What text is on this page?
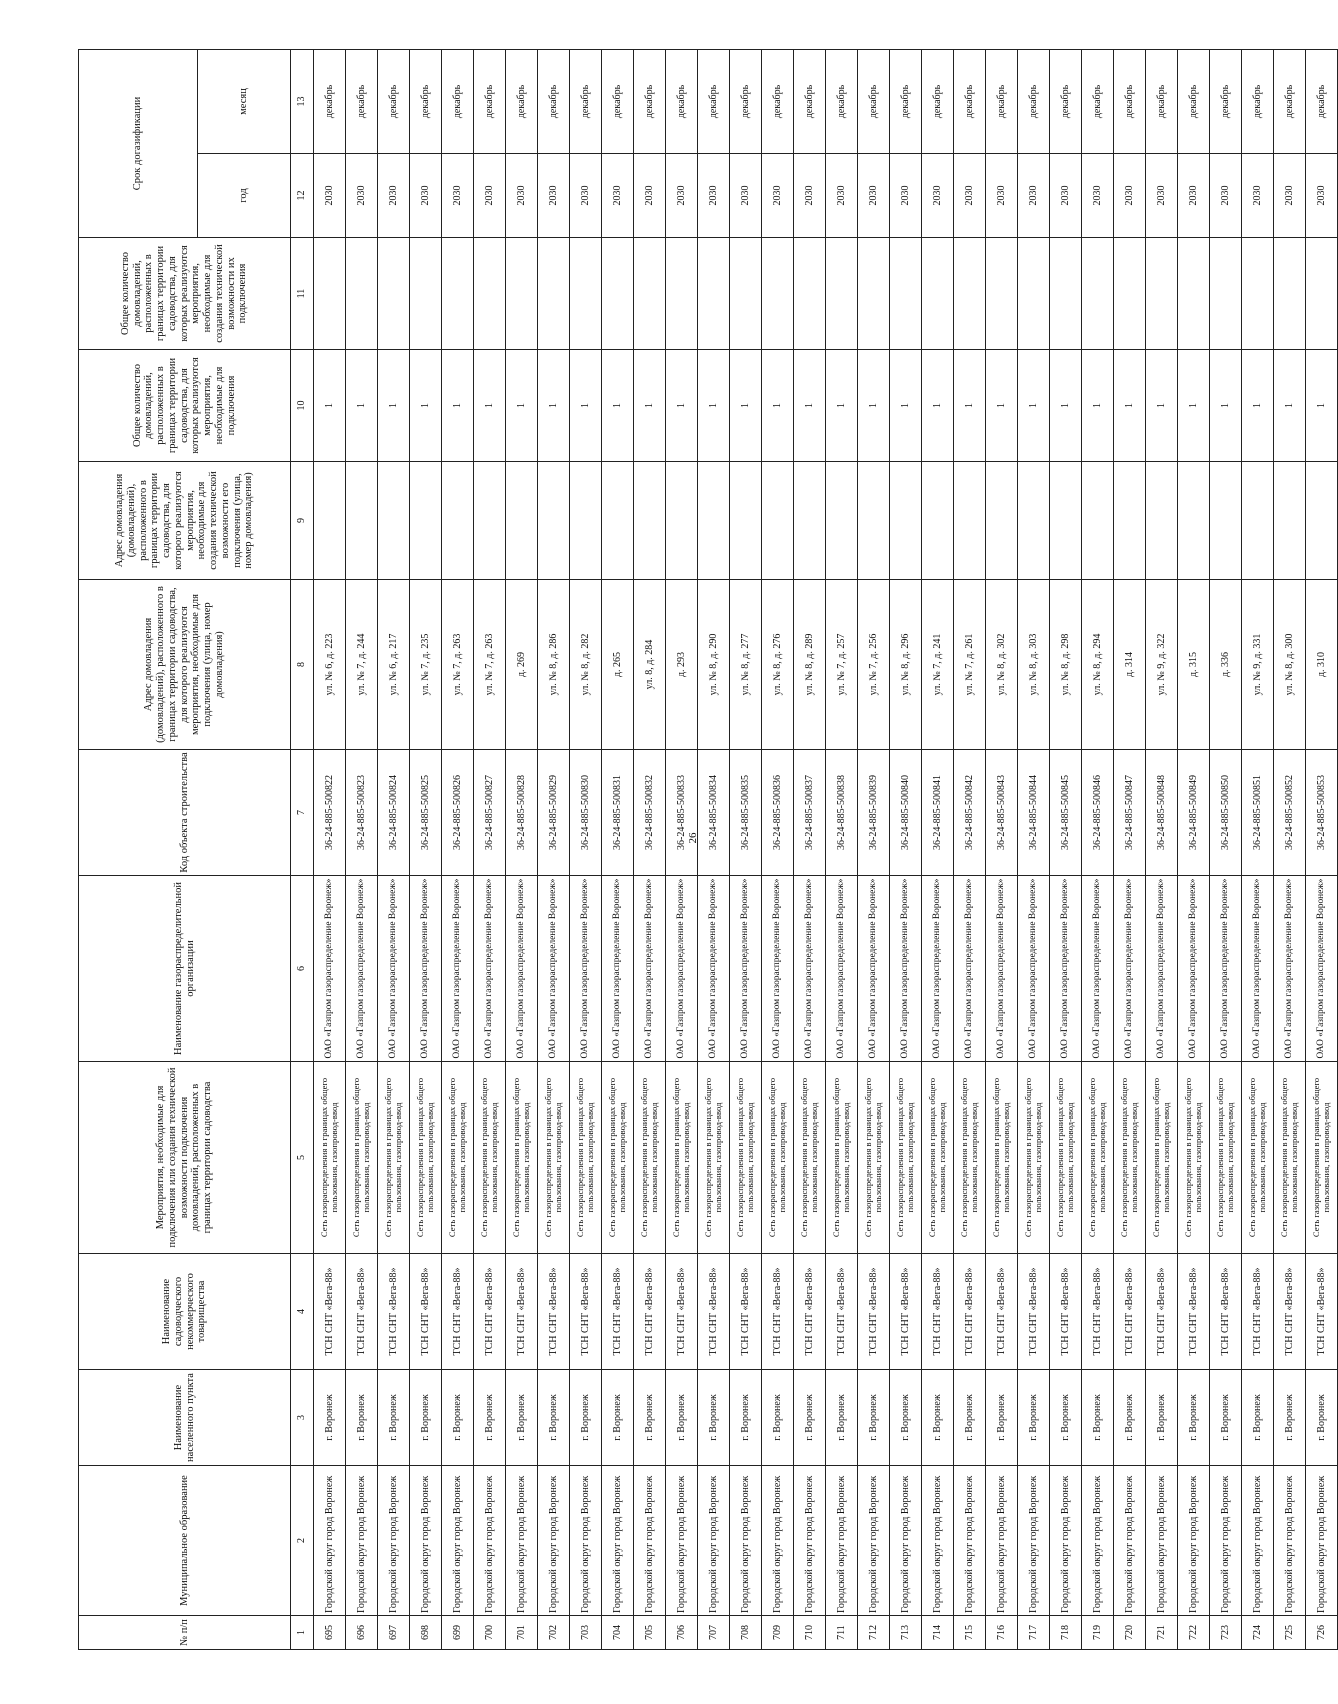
26
№ п/п	Муниципальное образование	Наименование населенного пункта	Наименование садоводческого некоммерческого товарищества	Мероприятия, необходимые для подключения или создания технической возможности подключения домовладений, расположенных в границах территории садоводства	Наименование газораспределительной организации	Код объекта строительства	Адрес домовладения (домовладений), расположенного в границах территории садоводства, для которого реализуются мероприятия, необходимые для подключения (улица, номер домовладения)	Адрес домовладения (домовладений), расположенного в границах территории садоводства, для которого реализуются мероприятия, необходимые для создания технической возможности его подключения (улица, номер домовладения)	Общее количество домовладений, расположенных в границах территории садоводства, для которых реализуются мероприятия, необходимые для подключения	Общее количество домовладений, расположенных в границах территории садоводства, для которых реализуются мероприятия, необходимые для создания технической возможности их подключения	Срок догазификации	
											год	месяц
1	2	3	4	5	6	7	8	9	10	11	12	13
695	Городской округ город Воронеж	г. Воронеж	ТСН СНТ «Вега-88»	Сеть газораспределения в границах общего пользования, газопровод-ввод	ОАО «Газпром газораспределение Воронеж»	36-24-885-500822	ул. № 6, д. 223		1		2030	декабрь
696	Городской округ город Воронеж	г. Воронеж	ТСН СНТ «Вега-88»	Сеть газораспределения в границах общего пользования, газопровод-ввод	ОАО «Газпром газораспределение Воронеж»	36-24-885-500823	ул. № 7, д. 244		1		2030	декабрь
697	Городской округ город Воронеж	г. Воронеж	ТСН СНТ «Вега-88»	Сеть газораспределения в границах общего пользования, газопровод-ввод	ОАО «Газпром газораспределение Воронеж»	36-24-885-500824	ул. № 6, д. 217		1		2030	декабрь
698	Городской округ город Воронеж	г. Воронеж	ТСН СНТ «Вега-88»	Сеть газораспределения в границах общего пользования, газопровод-ввод	ОАО «Газпром газораспределение Воронеж»	36-24-885-500825	ул. № 7, д. 235		1		2030	декабрь
699	Городской округ город Воронеж	г. Воронеж	ТСН СНТ «Вега-88»	Сеть газораспределения в границах общего пользования, газопровод-ввод	ОАО «Газпром газораспределение Воронеж»	36-24-885-500826	ул. № 7, д. 263		1		2030	декабрь
700	Городской округ город Воронеж	г. Воронеж	ТСН СНТ «Вега-88»	Сеть газораспределения в границах общего пользования, газопровод-ввод	ОАО «Газпром газораспределение Воронеж»	36-24-885-500827	ул. № 7, д. 263		1		2030	декабрь
701	Городской округ город Воронеж	г. Воронеж	ТСН СНТ «Вега-88»	Сеть газораспределения в границах общего пользования, газопровод-ввод	ОАО «Газпром газораспределение Воронеж»	36-24-885-500828	д. 269		1		2030	декабрь
702	Городской округ город Воронеж	г. Воронеж	ТСН СНТ «Вега-88»	Сеть газораспределения в границах общего пользования, газопровод-ввод	ОАО «Газпром газораспределение Воронеж»	36-24-885-500829	ул. № 8, д. 286		1		2030	декабрь
703	Городской округ город Воронеж	г. Воронеж	ТСН СНТ «Вега-88»	Сеть газораспределения в границах общего пользования, газопровод-ввод	ОАО «Газпром газораспределение Воронеж»	36-24-885-500830	ул. № 8, д. 282		1		2030	декабрь
704	Городской округ город Воронеж	г. Воронеж	ТСН СНТ «Вега-88»	Сеть газораспределения в границах общего пользования, газопровод-ввод	ОАО «Газпром газораспределение Воронеж»	36-24-885-500831	д. 265		1		2030	декабрь
705	Городской округ город Воронеж	г. Воронеж	ТСН СНТ «Вега-88»	Сеть газораспределения в границах общего пользования, газопровод-ввод	ОАО «Газпром газораспределение Воронеж»	36-24-885-500832	ул. 8, д. 284		1		2030	декабрь
706	Городской округ город Воронеж	г. Воронеж	ТСН СНТ «Вега-88»	Сеть газораспределения в границах общего пользования, газопровод-ввод	ОАО «Газпром газораспределение Воронеж»	36-24-885-500833	д. 293		1		2030	декабрь
707	Городской округ город Воронеж	г. Воронеж	ТСН СНТ «Вега-88»	Сеть газораспределения в границах общего пользования, газопровод-ввод	ОАО «Газпром газораспределение Воронеж»	36-24-885-500834	ул. № 8, д. 290		1		2030	декабрь
708	Городской округ город Воронеж	г. Воронеж	ТСН СНТ «Вега-88»	Сеть газораспределения в границах общего пользования, газопровод-ввод	ОАО «Газпром газораспределение Воронеж»	36-24-885-500835	ул. № 8, д. 277		1		2030	декабрь
709	Городской округ город Воронеж	г. Воронеж	ТСН СНТ «Вега-88»	Сеть газораспределения в границах общего пользования, газопровод-ввод	ОАО «Газпром газораспределение Воронеж»	36-24-885-500836	ул. № 8, д. 276		1		2030	декабрь
710	Городской округ город Воронеж	г. Воронеж	ТСН СНТ «Вега-88»	Сеть газораспределения в границах общего пользования, газопровод-ввод	ОАО «Газпром газораспределение Воронеж»	36-24-885-500837	ул. № 8, д. 289		1		2030	декабрь
711	Городской округ город Воронеж	г. Воронеж	ТСН СНТ «Вега-88»	Сеть газораспределения в границах общего пользования, газопровод-ввод	ОАО «Газпром газораспределение Воронеж»	36-24-885-500838	ул. № 7, д. 257		1		2030	декабрь
712	Городской округ город Воронеж	г. Воронеж	ТСН СНТ «Вега-88»	Сеть газораспределения в границах общего пользования, газопровод-ввод	ОАО «Газпром газораспределение Воронеж»	36-24-885-500839	ул. № 7, д. 256		1		2030	декабрь
713	Городской округ город Воронеж	г. Воронеж	ТСН СНТ «Вега-88»	Сеть газораспределения в границах общего пользования, газопровод-ввод	ОАО «Газпром газораспределение Воронеж»	36-24-885-500840	ул. № 8, д. 296		1		2030	декабрь
714	Городской округ город Воронеж	г. Воронеж	ТСН СНТ «Вега-88»	Сеть газораспределения в границах общего пользования, газопровод-ввод	ОАО «Газпром газораспределение Воронеж»	36-24-885-500841	ул. № 7, д. 241		1		2030	декабрь
715	Городской округ город Воронеж	г. Воронеж	ТСН СНТ «Вега-88»	Сеть газораспределения в границах общего пользования, газопровод-ввод	ОАО «Газпром газораспределение Воронеж»	36-24-885-500842	ул. № 7, д. 261		1		2030	декабрь
716	Городской округ город Воронеж	г. Воронеж	ТСН СНТ «Вега-88»	Сеть газораспределения в границах общего пользования, газопровод-ввод	ОАО «Газпром газораспределение Воронеж»	36-24-885-500843	ул. № 8, д. 302		1		2030	декабрь
717	Городской округ город Воронеж	г. Воронеж	ТСН СНТ «Вега-88»	Сеть газораспределения в границах общего пользования, газопровод-ввод	ОАО «Газпром газораспределение Воронеж»	36-24-885-500844	ул. № 8, д. 303		1		2030	декабрь
718	Городской округ город Воронеж	г. Воронеж	ТСН СНТ «Вега-88»	Сеть газораспределения в границах общего пользования, газопровод-ввод	ОАО «Газпром газораспределение Воронеж»	36-24-885-500845	ул. № 8, д. 298		1		2030	декабрь
719	Городской округ город Воронеж	г. Воронеж	ТСН СНТ «Вега-88»	Сеть газораспределения в границах общего пользования, газопровод-ввод	ОАО «Газпром газораспределение Воронеж»	36-24-885-500846	ул. № 8, д. 294		1		2030	декабрь
720	Городской округ город Воронеж	г. Воронеж	ТСН СНТ «Вега-88»	Сеть газораспределения в границах общего пользования, газопровод-ввод	ОАО «Газпром газораспределение Воронеж»	36-24-885-500847	д. 314		1		2030	декабрь
721	Городской округ город Воронеж	г. Воронеж	ТСН СНТ «Вега-88»	Сеть газораспределения в границах общего пользования, газопровод-ввод	ОАО «Газпром газораспределение Воронеж»	36-24-885-500848	ул. № 9, д. 322		1		2030	декабрь
722	Городской округ город Воронеж	г. Воронеж	ТСН СНТ «Вега-88»	Сеть газораспределения в границах общего пользования, газопровод-ввод	ОАО «Газпром газораспределение Воронеж»	36-24-885-500849	д. 315		1		2030	декабрь
723	Городской округ город Воронеж	г. Воронеж	ТСН СНТ «Вега-88»	Сеть газораспределения в границах общего пользования, газопровод-ввод	ОАО «Газпром газораспределение Воронеж»	36-24-885-500850	д. 336		1		2030	декабрь
724	Городской округ город Воронеж	г. Воронеж	ТСН СНТ «Вега-88»	Сеть газораспределения в границах общего пользования, газопровод-ввод	ОАО «Газпром газораспределение Воронеж»	36-24-885-500851	ул. № 9, д. 331		1		2030	декабрь
725	Городской округ город Воронеж	г. Воронеж	ТСН СНТ «Вега-88»	Сеть газораспределения в границах общего пользования, газопровод-ввод	ОАО «Газпром газораспределение Воронеж»	36-24-885-500852	ул. № 8, д. 300		1		2030	декабрь
726	Городской округ город Воронеж	г. Воронеж	ТСН СНТ «Вега-88»	Сеть газораспределения в границах общего пользования, газопровод-ввод	ОАО «Газпром газораспределение Воронеж»	36-24-885-500853	д. 310		1		2030	декабрь
